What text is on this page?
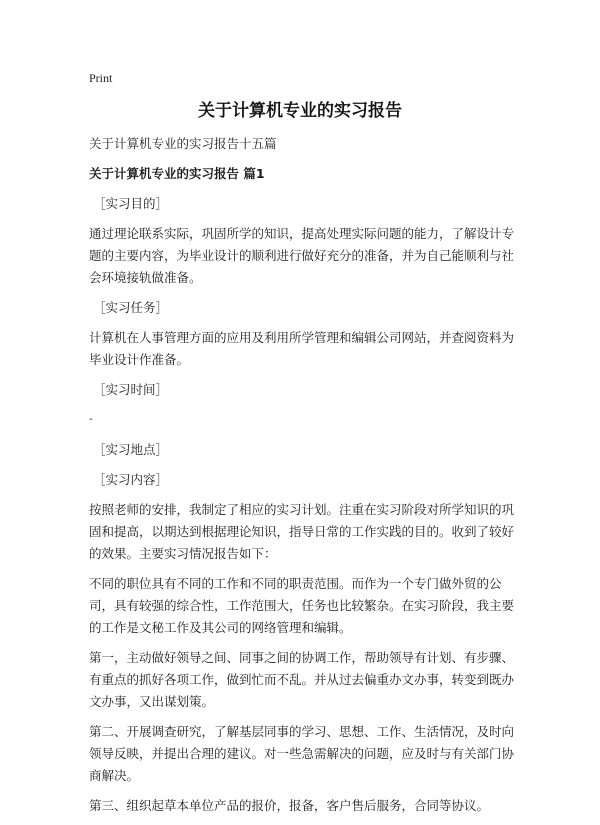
Print
关于计算机专业的实习报告

关于计算机专业的实习报告十五篇

关于计算机专业的实习报告 篇1

［实习目的］

通过理论联系实际，巩固所学的知识，提高处理实际问题的能力，了解设计专题的主要内容，为毕业设计的顺利进行做好充分的准备，并为自己能顺利与社会环境接轨做准备。

［实习任务］

计算机在人事管理方面的应用及利用所学管理和编辑公司网站，并查阅资料为毕业设计作准备。

［实习时间］

-

［实习地点］

［实习内容］

按照老师的安排，我制定了相应的实习计划。注重在实习阶段对所学知识的巩固和提高，以期达到根据理论知识，指导日常的工作实践的目的。收到了较好的效果。主要实习情况报告如下：

不同的职位具有不同的工作和不同的职责范围。而作为一个专门做外贸的公司，具有较强的综合性，工作范围大，任务也比较繁杂。在实习阶段，我主要的工作是文秘工作及其公司的网络管理和编辑。

第一，主动做好领导之间、同事之间的协调工作，帮助领导有计划、有步骤、有重点的抓好各项工作，做到忙而不乱。并从过去偏重办文办事，转变到既办文办事，又出谋划策。

第二、开展调查研究，了解基层同事的学习、思想、工作、生活情况，及时向领导反映，并提出合理的建议。对一些急需解决的问题，应及时与有关部门协商解决。

第三、组织起草本单位产品的报价，报备，客户售后服务，合同等协议。
